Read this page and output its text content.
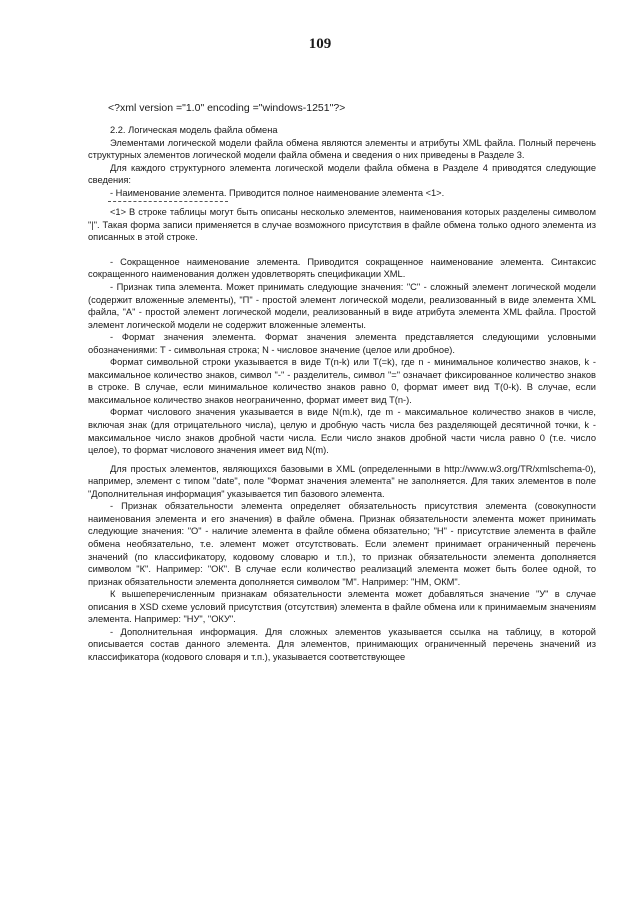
109
<?xml version ="1.0" encoding ="windows-1251"?>

2.2. Логическая модель файла обмена

Элементами логической модели файла обмена являются элементы и атрибуты XML файла. Полный перечень структурных элементов логической модели файла обмена и сведения о них приведены в Разделе 3.

Для каждого структурного элемента логической модели файла обмена в Разделе 4 приводятся следующие сведения:

- Наименование элемента. Приводится полное наименование элемента <1>.

<1> В строке таблицы могут быть описаны несколько элементов, наименования которых разделены символом "|". Такая форма записи применяется в случае возможного присутствия в файле обмена только одного элемента из описанных в этой строке.

- Сокращенное наименование элемента. Приводится сокращенное наименование элемента. Синтаксис сокращенного наименования должен удовлетворять спецификации XML.

- Признак типа элемента. Может принимать следующие значения: "С" - сложный элемент логической модели (содержит вложенные элементы), "П" - простой элемент логической модели, реализованный в виде элемента XML файла, "А" - простой элемент логической модели, реализованный в виде атрибута элемента XML файла. Простой элемент логической модели не содержит вложенные элементы.

- Формат значения элемента. Формат значения элемента представляется следующими условными обозначениями: Т - символьная строка; N - числовое значение (целое или дробное).

Формат символьной строки указывается в виде Т(n-k) или T(=k), где n - минимальное количество знаков, k - максимальное количество знаков, символ "-" - разделитель, символ "=" означает фиксированное количество знаков в строке. В случае, если минимальное количество знаков равно 0, формат имеет вид Т(0-k). В случае, если максимальное количество знаков неограниченно, формат имеет вид Т(n-).

Формат числового значения указывается в виде N(m.k), где m - максимальное количество знаков в числе, включая знак (для отрицательного числа), целую и дробную часть числа без разделяющей десятичной точки, k - максимальное число знаков дробной части числа. Если число знаков дробной части числа равно 0 (т.е. число целое), то формат числового значения имеет вид N(m).

Для простых элементов, являющихся базовыми в XML (определенными в http://www.w3.org/TR/xmlschema-0), например, элемент с типом "date", поле "Формат значения элемента" не заполняется. Для таких элементов в поле "Дополнительная информация" указывается тип базового элемента.

- Признак обязательности элемента определяет обязательность присутствия элемента (совокупности наименования элемента и его значения) в файле обмена. Признак обязательности элемента может принимать следующие значения: "О" - наличие элемента в файле обмена обязательно; "Н" - присутствие элемента в файле обмена необязательно, т.е. элемент может отсутствовать. Если элемент принимает ограниченный перечень значений (по классификатору, кодовому словарю и т.п.), то признак обязательности элемента дополняется символом "К". Например: "ОК". В случае если количество реализаций элемента может быть более одной, то признак обязательности элемента дополняется символом "М". Например: "НМ, ОКМ".

К вышеперечисленным признакам обязательности элемента может добавляться значение "У" в случае описания в XSD схеме условий присутствия (отсутствия) элемента в файле обмена или к принимаемым значениям элемента. Например: "НУ", "ОКУ".

- Дополнительная информация. Для сложных элементов указывается ссылка на таблицу, в которой описывается состав данного элемента. Для элементов, принимающих ограниченный перечень значений из классификатора (кодового словаря и т.п.), указывается соответствующее
